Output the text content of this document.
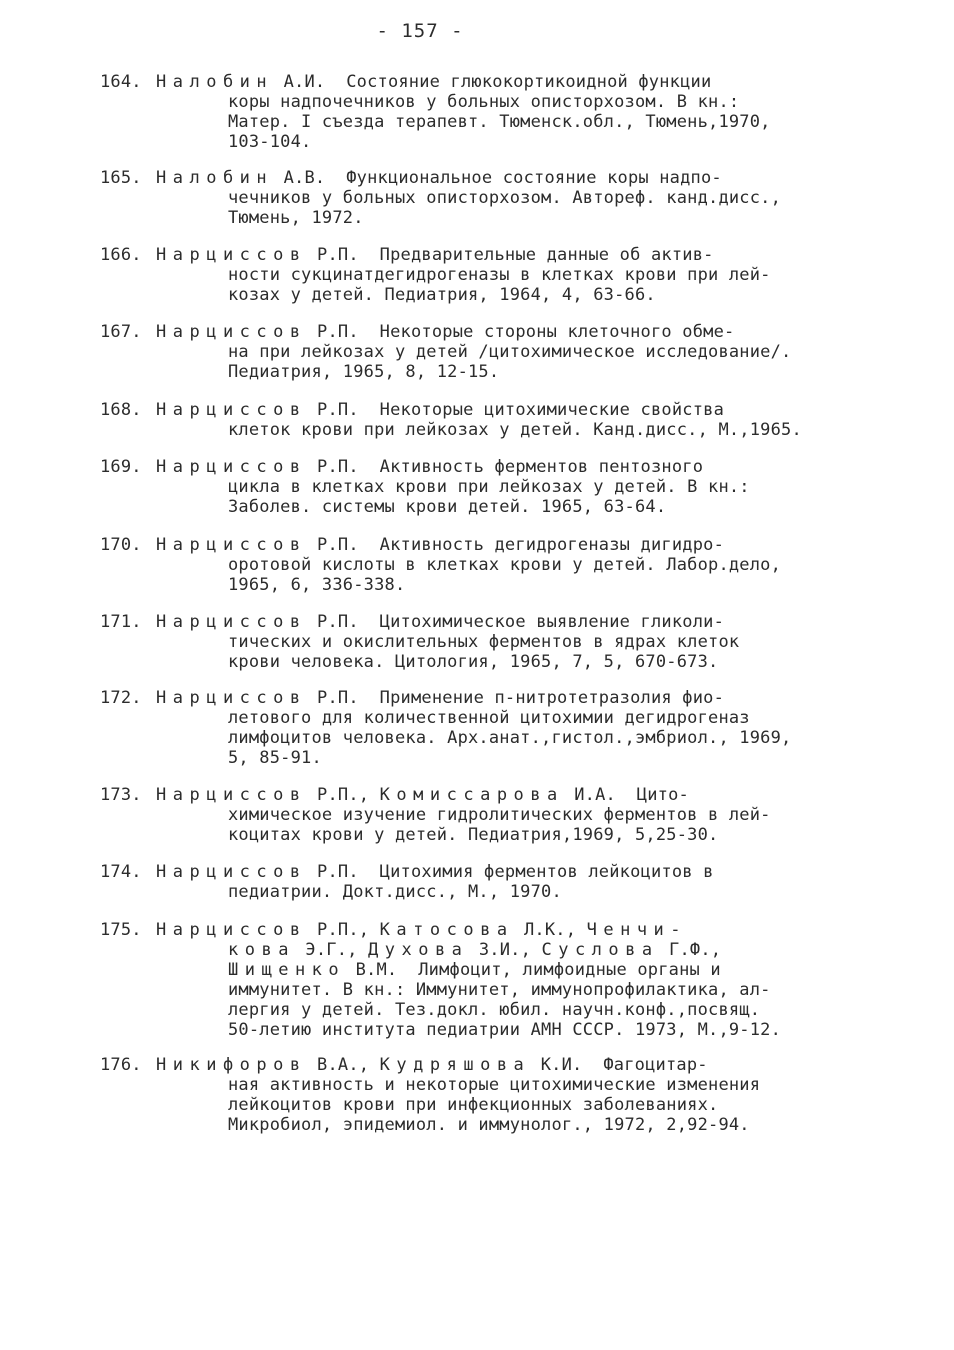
- 157 -
164. Налобин А.И.  Состояние глюкокортикоидной функции
коры надпочечников у больных описторхозом. В кн.:
Матер. I съезда терапевт. Тюменск.обл., Тюмень,1970,
103-104.
165. Налобин А.В.  Функциональное состояние коры надпо-
чечников у больных описторхозом. Автореф. канд.дисс.,
Тюмень, 1972.
166. Нарциссов Р.П.  Предварительные данные об актив-
ности сукцинатдегидрогеназы в клетках крови при лей-
козах у детей. Педиатрия, 1964, 4, 63-66.
167. Нарциссов Р.П.  Некоторые стороны клеточного обме-
на при лейкозах у детей /цитохимическое исследование/.
Педиатрия, 1965, 8, 12-15.
168. Нарциссов Р.П.  Некоторые цитохимические свойства
клеток крови при лейкозах у детей. Канд.дисс., М.,1965.
169. Нарциссов Р.П.  Активность ферментов пентозного
цикла в клетках крови при лейкозах у детей. В кн.:
Заболев. системы крови детей. 1965, 63-64.
170. Нарциссов Р.П.  Активность дегидрогеназы дигидро-
оротовой кислоты в клетках крови у детей. Лабор.дело,
1965, 6, 336-338.
171. Нарциссов Р.П.  Цитохимическое выявление гликоли-
тических и окислительных ферментов в ядрах клеток
крови человека. Цитология, 1965, 7, 5, 670-673.
172. Нарциссов Р.П.  Применение п-нитротетразолия фио-
летового для количественной цитохимии дегидрогеназ
лимфоцитов человека. Арх.анат.,гистол.,эмбриол., 1969,
5, 85-91.
173. Нарциссов Р.П., Комиссарова И.А.  Цито-
химическое изучение гидролитических ферментов в лей-
коцитах крови у детей. Педиатрия,1969, 5,25-30.
174. Нарциссов Р.П.  Цитохимия ферментов лейкоцитов в
педиатрии. Докт.дисс., М., 1970.
175. Нарциссов Р.П., Катосова Л.К., Ченчи-
кова Э.Г., Духова З.И., Суслова Г.Ф.,
Шищенко В.М.  Лимфоцит, лимфоидные органы и
иммунитет. В кн.: Иммунитет, иммунопрофилактика, ал-
лергия у детей. Тез.докл. юбил. научн.конф.,посвящ.
50-летию института педиатрии АМН СССР. 1973, М.,9-12.
176. Никифоров В.А., Кудряшова К.И.  Фагоцитар-
ная активность и некоторые цитохимические изменения
лейкоцитов крови при инфекционных заболеваниях.
Микробиол, эпидемиол. и иммунолог., 1972, 2,92-94.
